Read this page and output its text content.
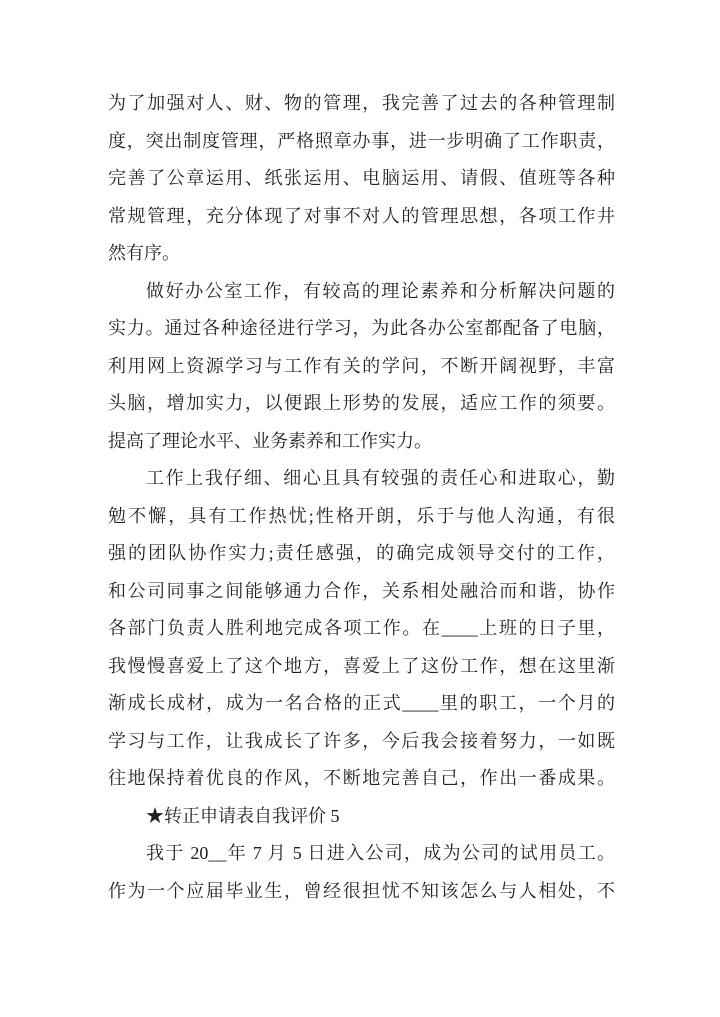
为了加强对人、财、物的管理，我完善了过去的各种管理制
度，突出制度管理，严格照章办事，进一步明确了工作职责，
完善了公章运用、纸张运用、电脑运用、请假、值班等各种
常规管理，充分体现了对事不对人的管理思想，各项工作井
然有序。
做好办公室工作，有较高的理论素养和分析解决问题的
实力。通过各种途径进行学习，为此各办公室都配备了电脑，
利用网上资源学习与工作有关的学问，不断开阔视野，丰富
头脑，增加实力，以便跟上形势的发展，适应工作的须要。
提高了理论水平、业务素养和工作实力。
工作上我仔细、细心且具有较强的责任心和进取心，勤
勉不懈，具有工作热忧;性格开朗，乐于与他人沟通，有很
强的团队协作实力;责任感强，的确完成领导交付的工作，
和公司同事之间能够通力合作，关系相处融洽而和谐，协作
各部门负责人胜利地完成各项工作。在____上班的日子里，
我慢慢喜爱上了这个地方，喜爱上了这份工作，想在这里渐
渐成长成材，成为一名合格的正式____里的职工，一个月的
学习与工作，让我成长了许多，今后我会接着努力，一如既
往地保持着优良的作风，不断地完善自己，作出一番成果。
★转正申请表自我评价 5
我于 20__年 7 月 5 日进入公司，成为公司的试用员工。
作为一个应届毕业生，曾经很担忧不知该怎么与人相处，不
